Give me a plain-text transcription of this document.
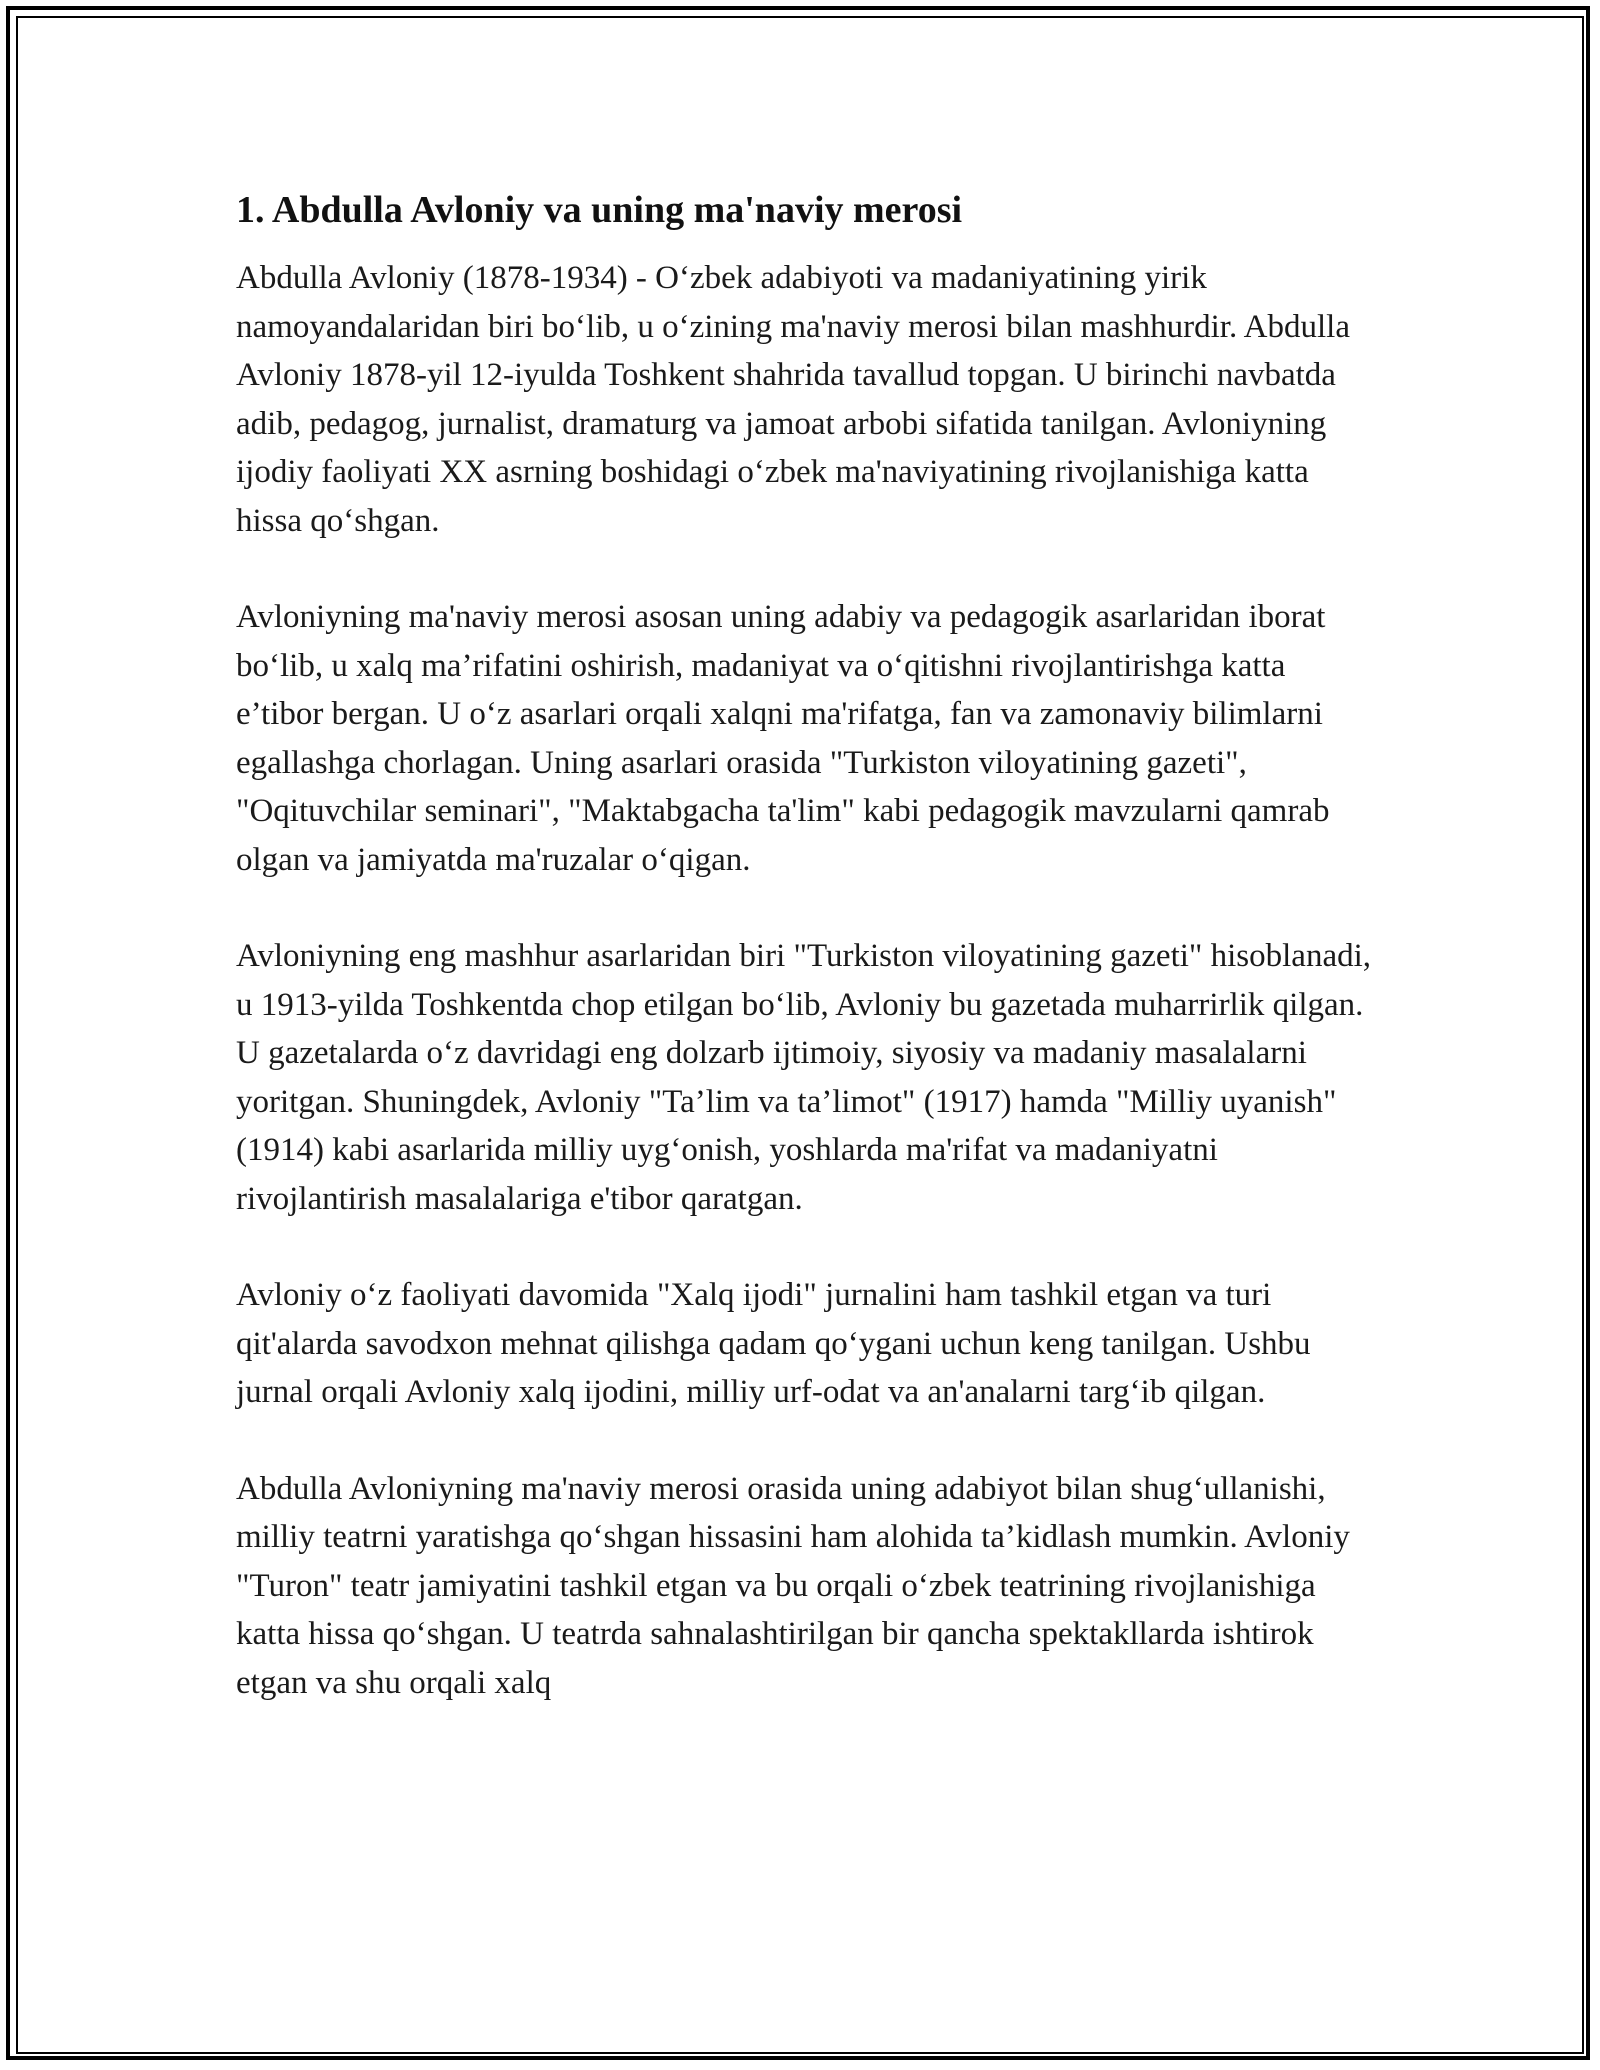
1. Abdulla Avloniy va uning ma'naviy merosi

Abdulla Avloniy (1878-1934) - O‘zbek adabiyoti va madaniyatining yirik namoyandalaridan biri bo‘lib, u o‘zining ma'naviy merosi bilan mashhurdir. Abdulla Avloniy 1878-yil 12-iyulda Toshkent shahrida tavallud topgan. U birinchi navbatda adib, pedagog, jurnalist, dramaturg va jamoat arbobi sifatida tanilgan. Avloniyning ijodiy faoliyati XX asrning boshidagi o‘zbek ma'naviyatining rivojlanishiga katta hissa qo‘shgan.

Avloniyning ma'naviy merosi asosan uning adabiy va pedagogik asarlaridan iborat bo‘lib, u xalq ma’rifatini oshirish, madaniyat va o‘qitishni rivojlantirishga katta e’tibor bergan. U o‘z asarlari orqali xalqni ma'rifatga, fan va zamonaviy bilimlarni egallashga chorlagan. Uning asarlari orasida "Turkiston viloyatining gazeti", "Oqituvchilar seminari", "Maktabgacha ta'lim" kabi pedagogik mavzularni qamrab olgan va jamiyatda ma'ruzalar o‘qigan.

Avloniyning eng mashhur asarlaridan biri "Turkiston viloyatining gazeti" hisoblanadi, u 1913-yilda Toshkentda chop etilgan bo‘lib, Avloniy bu gazetada muharrirlik qilgan. U gazetalarda o‘z davridagi eng dolzarb ijtimoiy, siyosiy va madaniy masalalarni yoritgan. Shuningdek, Avloniy "Ta’lim va ta’limot" (1917) hamda "Milliy uyanish" (1914) kabi asarlarida milliy uyg‘onish, yoshlarda ma'rifat va madaniyatni rivojlantirish masalalariga e'tibor qaratgan.

Avloniy o‘z faoliyati davomida "Xalq ijodi" jurnalini ham tashkil etgan va turi qit'alarda savodxon mehnat qilishga qadam qo‘ygani uchun keng tanilgan. Ushbu jurnal orqali Avloniy xalq ijodini, milliy urf-odat va an'analarni targ‘ib qilgan.

Abdulla Avloniyning ma'naviy merosi orasida uning adabiyot bilan shug‘ullanishi, milliy teatrni yaratishga qo‘shgan hissasini ham alohida ta’kidlash mumkin. Avloniy "Turon" teatr jamiyatini tashkil etgan va bu orqali o‘zbek teatrining rivojlanishiga katta hissa qo‘shgan. U teatrda sahnalashtirilgan bir qancha spektakllarda ishtirok etgan va shu orqali xalq
